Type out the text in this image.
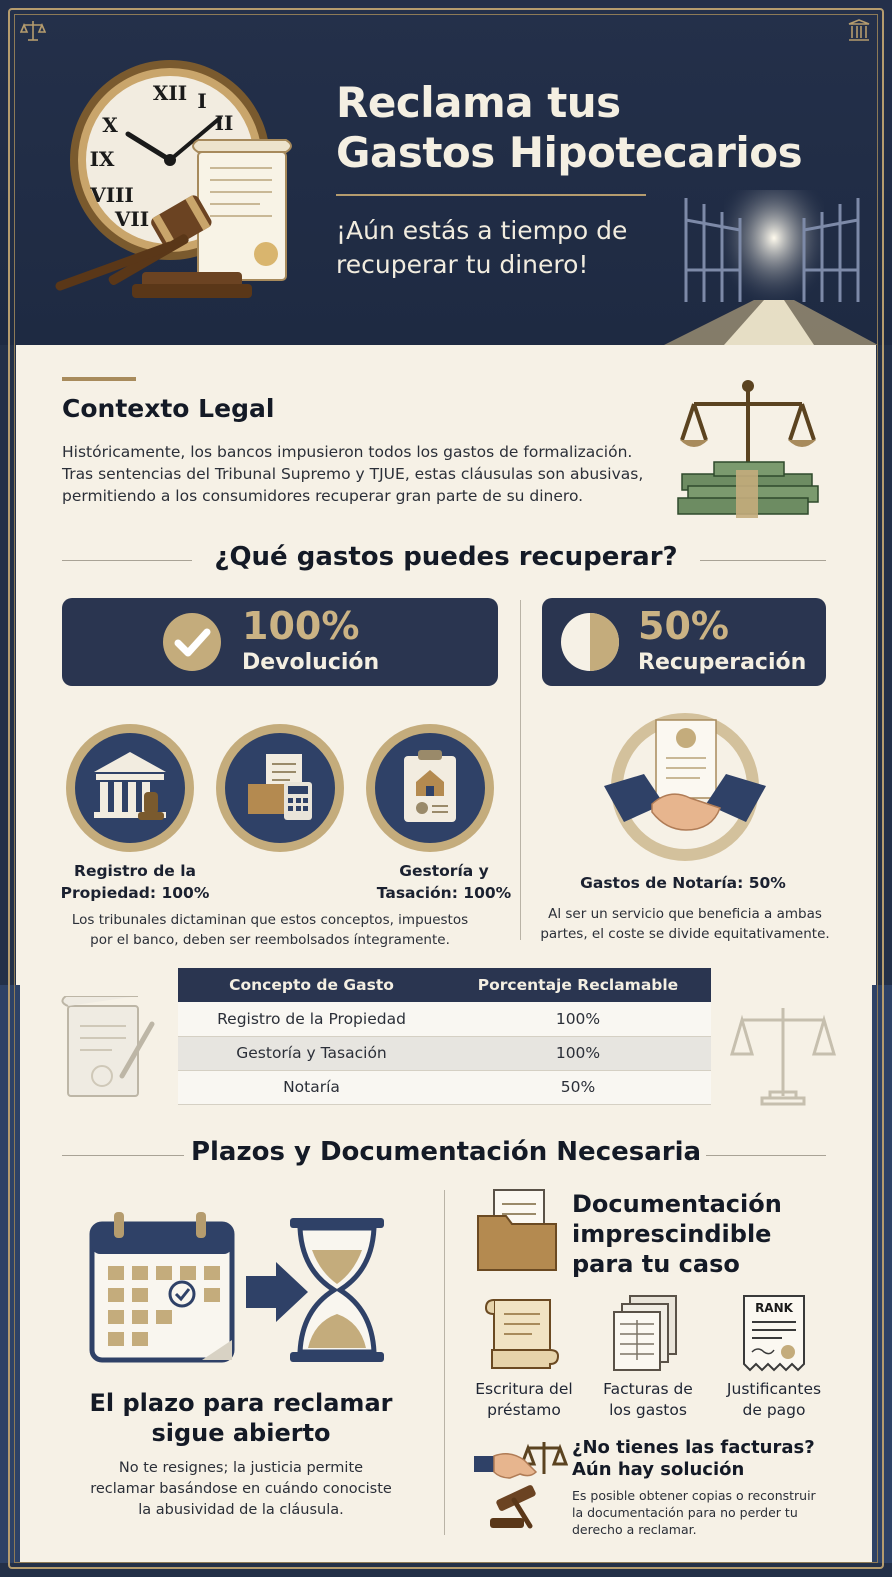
XII I
II
X
IX
VIII
VII
Reclama tus
Gastos Hipotecarios
¡Aún estás a tiempo de
recuperar tu dinero!
Contexto Legal
Históricamente, los bancos impusieron todos los gastos de formalización. Tras sentencias del Tribunal Supremo y TJUE, estas cláusulas son abusivas, permitiendo a los consumidores recuperar gran parte de su dinero.
¿Qué gastos puedes recuperar?
100%
Devolución
50%
Recuperación
Registro de la
Propiedad: 100%
Gestoría y
Tasación: 100%
Los tribunales dictaminan que estos conceptos, impuestos
por el banco, deben ser reembolsados íntegramente.
Gastos de Notaría: 50%
Al ser un servicio que beneficia a ambas
partes, el coste se divide equitativamente.
Concepto de Gasto	Porcentaje Reclamable
Registro de la Propiedad	100%
Gestoría y Tasación	100%
Notaría	50%
Plazos y Documentación Necesaria
El plazo para reclamar
sigue abierto
No te resignes; la justicia permite
reclamar basándose en cuándo conociste
la abusividad de la cláusula.
Documentación
imprescindible
para tu caso
RANK
Escritura del
préstamo
Facturas de
los gastos
Justificantes
de pago
¿No tienes las facturas?
Aún hay solución
Es posible obtener copias o reconstruir
la documentación para no perder tu
derecho a reclamar.
